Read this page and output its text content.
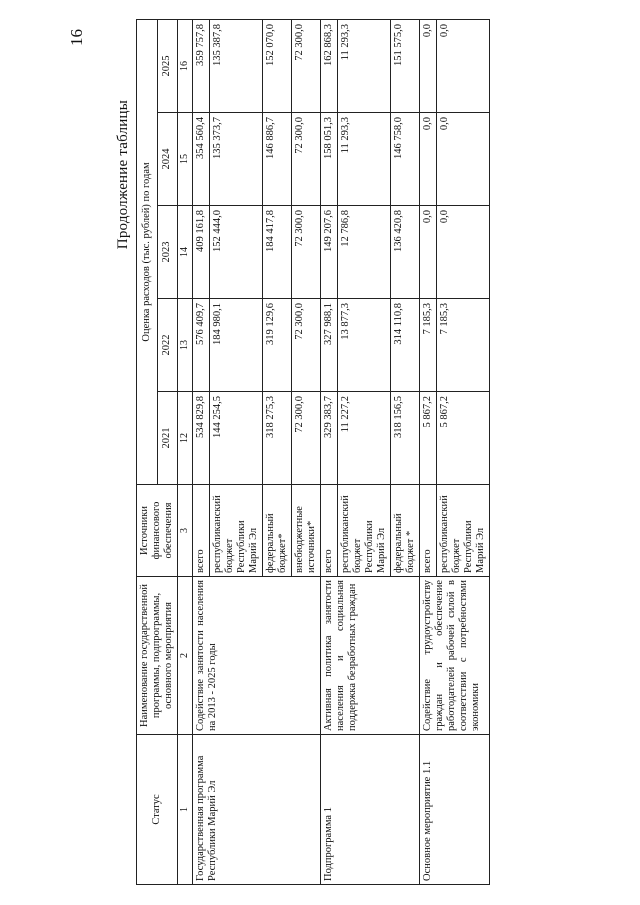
16
Продолжение таблицы
Статус	Наименование государственной программы, подпрограммы, основного мероприятия	Источники финансового обеспечения	Оценка расходов (тыс. рублей) по годам				
			2021	2022	2023	2024	2025
1	2	3	12	13	14	15	16
Государственная программа Республики Марий Эл	Содействие занятости населения на 2013 - 2025 годы	всего	534 829,8	576 409,7	409 161,8	354 560,4	359 757,8
		республиканский бюджет Республики Марий Эл	144 254,5	184 980,1	152 444,0	135 373,7	135 387,8
		федеральный бюджет*	318 275,3	319 129,6	184 417,8	146 886,7	152 070,0
		внебюджетные источники*	72 300,0	72 300,0	72 300,0	72 300,0	72 300,0
Подпрограмма 1	Активная политика занятости населения и социальная поддержка безработных граждан	всего	329 383,7	327 988,1	149 207,6	158 051,3	162 868,3
		республиканский бюджет Республики Марий Эл	11 227,2	13 877,3	12 786,8	11 293,3	11 293,3
		федеральный бюджет *	318 156,5	314 110,8	136 420,8	146 758,0	151 575,0
Основное мероприятие 1.1	Содействие трудоустройству граждан и обеспечение работодателей рабочей силой в соответствии с потребностями экономики	всего	5 867,2	7 185,3	0,0	0,0	0,0
		республиканский бюджет Республики Марий Эл	5 867,2	7 185,3	0,0	0,0	0,0
